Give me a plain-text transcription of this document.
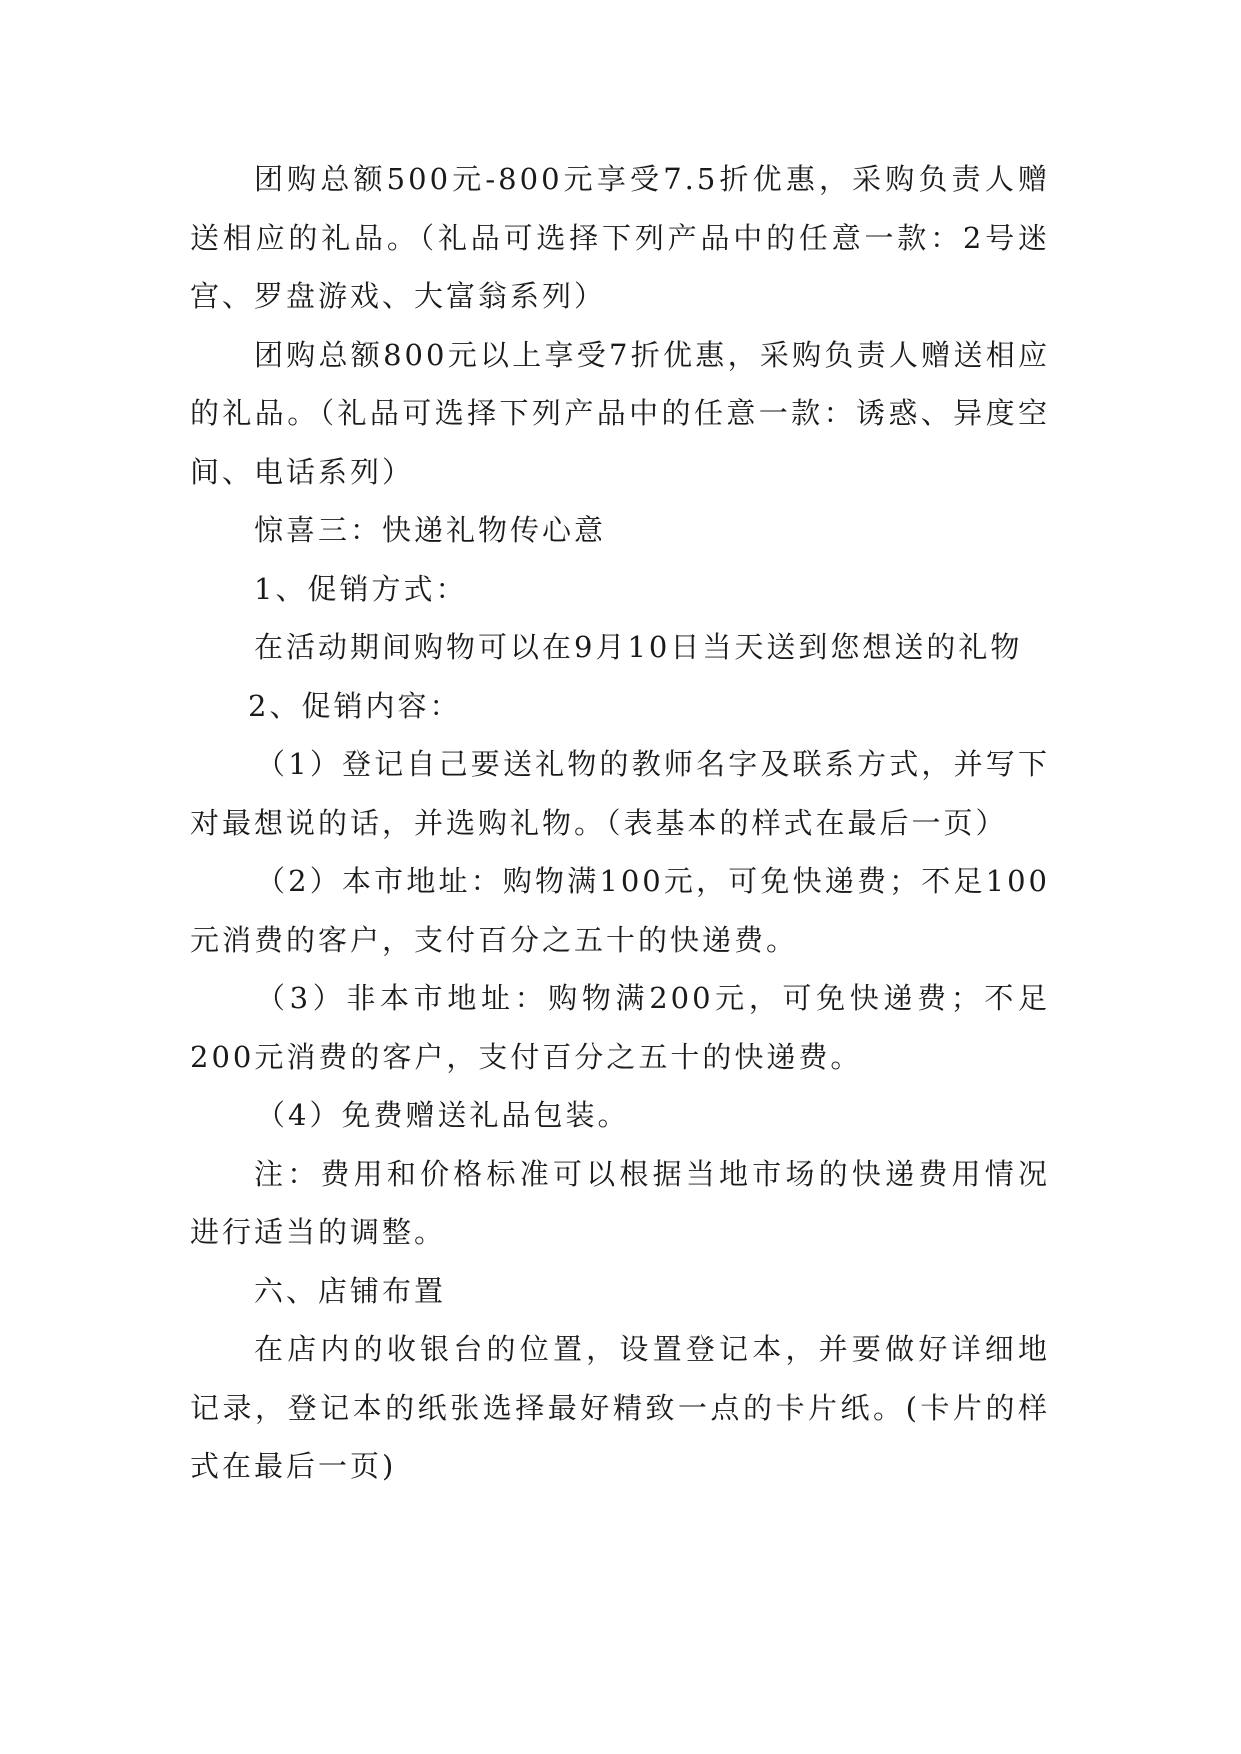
团购总额500元-800元享受7.5折优惠，采购负责人赠送相应的礼品。（礼品可选择下列产品中的任意一款：2号迷宫、罗盘游戏、大富翁系列）

团购总额800元以上享受7折优惠，采购负责人赠送相应的礼品。（礼品可选择下列产品中的任意一款：诱惑、异度空间、电话系列）

惊喜三：快递礼物传心意

1、促销方式：

在活动期间购物可以在9月10日当天送到您想送的礼物

2、促销内容：

（1）登记自己要送礼物的教师名字及联系方式，并写下对最想说的话，并选购礼物。（表基本的样式在最后一页）

（2）本市地址：购物满100元，可免快递费；不足100元消费的客户，支付百分之五十的快递费。

（3）非本市地址：购物满200元，可免快递费；不足200元消费的客户，支付百分之五十的快递费。

（4）免费赠送礼品包装。

注：费用和价格标准可以根据当地市场的快递费用情况进行适当的调整。

六、店铺布置

在店内的收银台的位置，设置登记本，并要做好详细地记录，登记本的纸张选择最好精致一点的卡片纸。(卡片的样式在最后一页)
